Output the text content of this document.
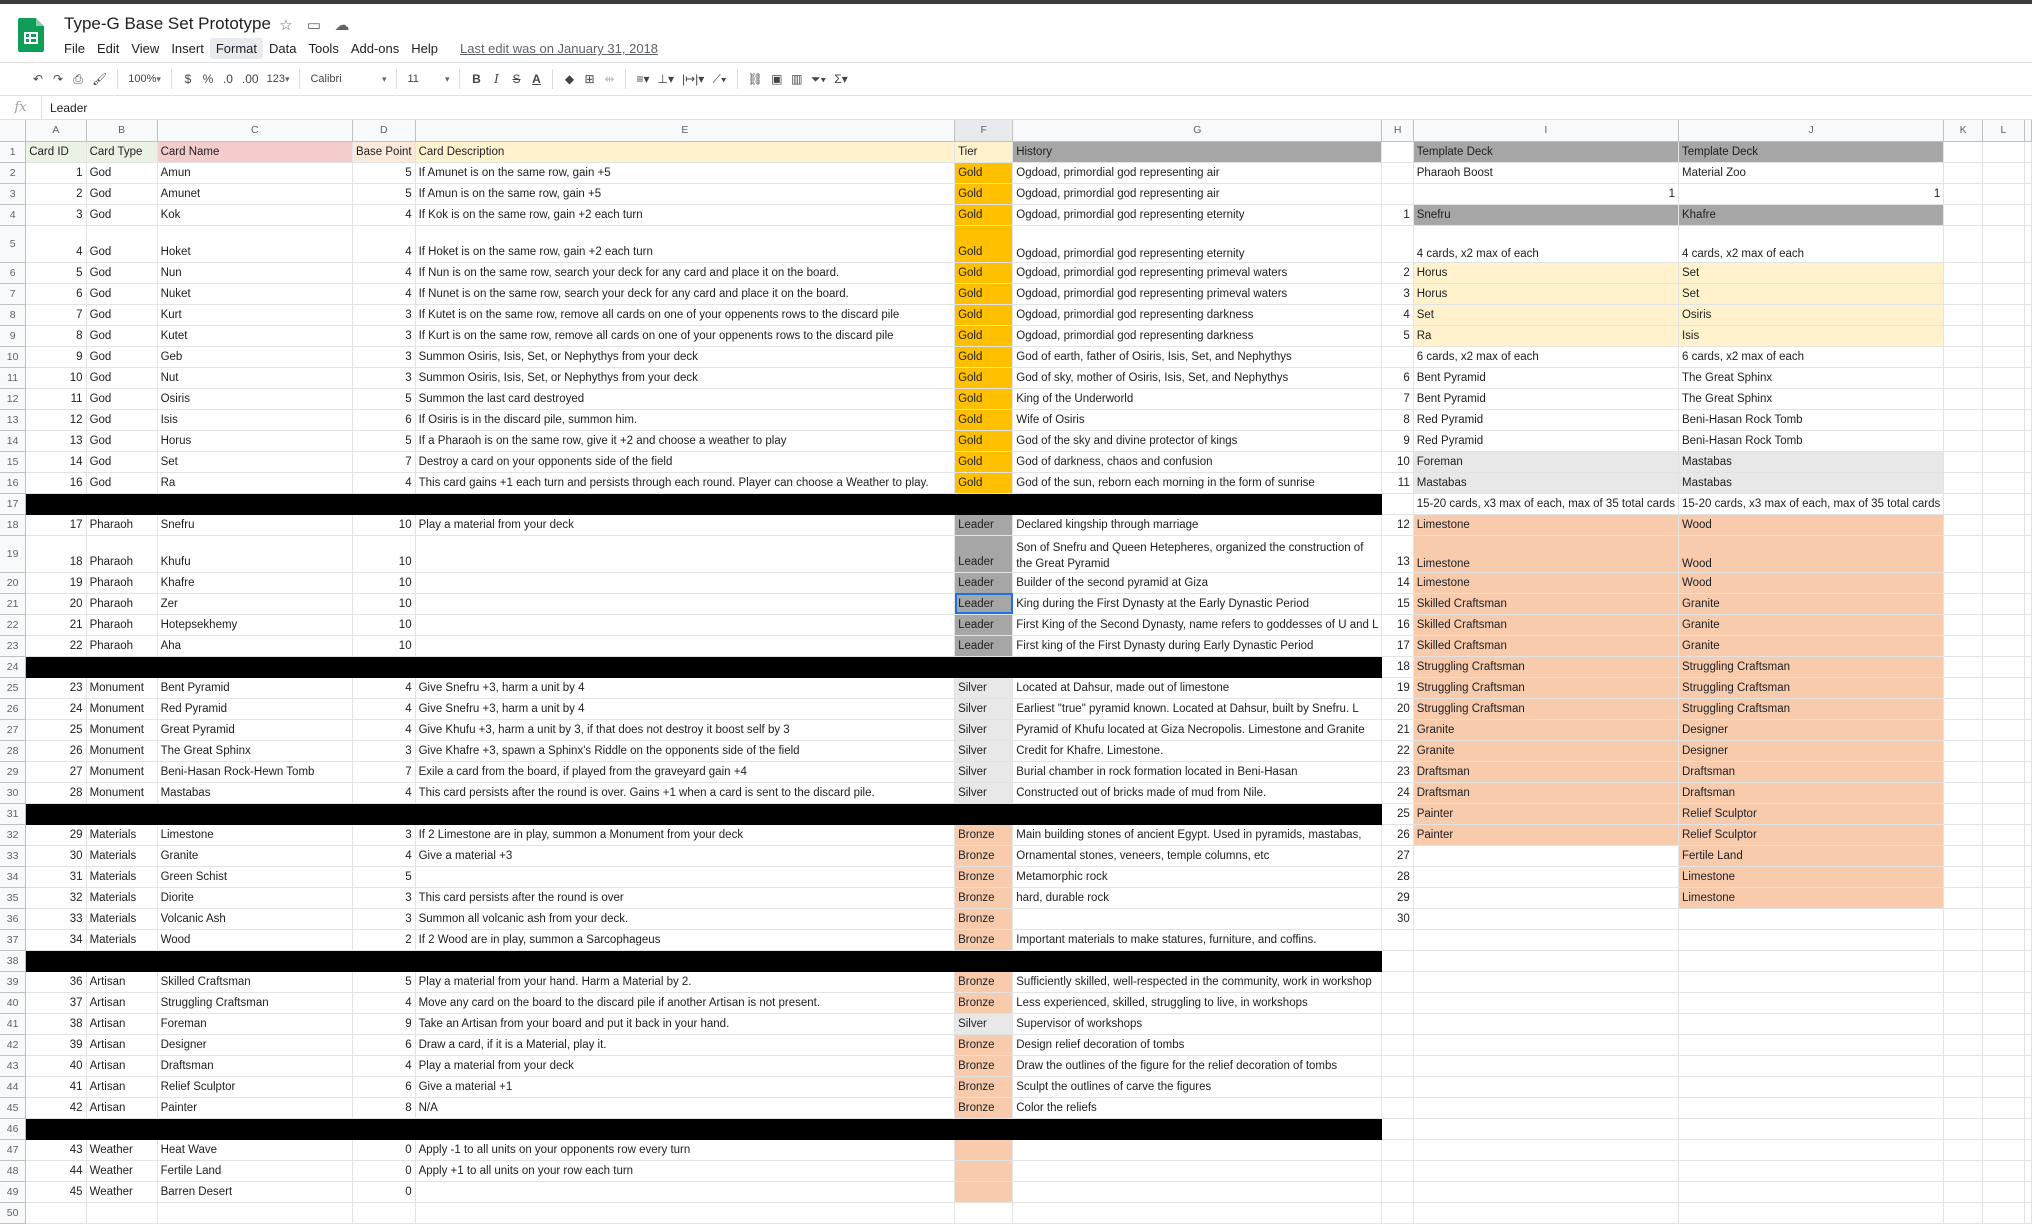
Type-G Base Set Prototype ☆ ▭ ☁
File Edit View Insert Format Data Tools Add-ons Help	Last edit was on January 31, 2018
↶ ↷ ⎙ 🖌	100% ▾	$ % .0 .00 123 ▾	Calibri ▾	11 ▾	B	I	S A	◆ ⊞ ⇹	≡▾ ⊥▾ |↦|▾ ⟋▾	⛓ ▣ ▥ ⏷▾ Σ▾
fx	Leader
	A	B	C	D	E	F	G	H	I	J	K	L	
1	Card ID	Card Type	Card Name	Base Point	Card Description	Tier	History		Template Deck	Template Deck			
2	1	God	Amun	5	If Amunet is on the same row, gain +5	Gold	Ogdoad, primordial god representing air		Pharaoh Boost	Material Zoo			
3	2	God	Amunet	5	If Amun is on the same row, gain +5	Gold	Ogdoad, primordial god representing air		1	1			
4	3	God	Kok	4	If Kok is on the same row, gain +2 each turn	Gold	Ogdoad, primordial god representing eternity	1	Snefru	Khafre			
5	4	God	Hoket	4	If Hoket is on the same row, gain +2 each turn	Gold	Ogdoad, primordial god representing eternity		4 cards, x2 max of each	4 cards, x2 max of each			
6	5	God	Nun	4	If Nun is on the same row, search your deck for any card and place it on the board.	Gold	Ogdoad, primordial god representing primeval waters	2	Horus	Set			
7	6	God	Nuket	4	If Nunet is on the same row, search your deck for any card and place it on the board.	Gold	Ogdoad, primordial god representing primeval waters	3	Horus	Set			
8	7	God	Kurt	3	If Kutet is on the same row, remove all cards on one of your oppenents rows to the discard pile	Gold	Ogdoad, primordial god representing darkness	4	Set	Osiris			
9	8	God	Kutet	3	If Kurt is on the same row, remove all cards on one of your oppenents rows to the discard pile	Gold	Ogdoad, primordial god representing darkness	5	Ra	Isis			
10	9	God	Geb	3	Summon Osiris, Isis, Set, or Nephythys from your deck	Gold	God of earth, father of Osiris, Isis, Set, and Nephythys		6 cards, x2 max of each	6 cards, x2 max of each			
11	10	God	Nut	3	Summon Osiris, Isis, Set, or Nephythys from your deck	Gold	God of sky, mother of Osiris, Isis, Set, and Nephythys	6	Bent Pyramid	The Great Sphinx			
12	11	God	Osiris	5	Summon the last card destroyed	Gold	King of the Underworld	7	Bent Pyramid	The Great Sphinx			
13	12	God	Isis	6	If Osiris is in the discard pile, summon him.	Gold	Wife of Osiris	8	Red Pyramid	Beni-Hasan Rock Tomb			
14	13	God	Horus	5	If a Pharaoh is on the same row, give it +2 and choose a weather to play	Gold	God of the sky and divine protector of kings	9	Red Pyramid	Beni-Hasan Rock Tomb			
15	14	God	Set	7	Destroy a card on your opponents side of the field	Gold	God of darkness, chaos and confusion	10	Foreman	Mastabas			
16	16	God	Ra	4	This card gains +1 each turn and persists through each round. Player can choose a Weather to play.	Gold	God of the sun, reborn each morning in the form of sunrise	11	Mastabas	Mastabas			
17									15-20 cards, x3 max of each, max of 35 total cards	15-20 cards, x3 max of each, max of 35 total cards			
18	17	Pharaoh	Snefru	10	Play a material from your deck	Leader	Declared kingship through marriage	12	Limestone	Wood			
19	18	Pharaoh	Khufu	10		Leader	Son of Snefru and Queen Hetepheres, organized the construction of the Great Pyramid	13	Limestone	Wood			
20	19	Pharaoh	Khafre	10		Leader	Builder of the second pyramid at Giza	14	Limestone	Wood			
21	20	Pharaoh	Zer	10		Leader	King during the First Dynasty at the Early Dynastic Period	15	Skilled Craftsman	Granite			
22	21	Pharaoh	Hotepsekhemy	10		Leader	First King of the Second Dynasty, name refers to goddesses of U and L	16	Skilled Craftsman	Granite			
23	22	Pharaoh	Aha	10		Leader	First king of the First Dynasty during Early Dynastic Period	17	Skilled Craftsman	Granite			
24								18	Struggling Craftsman	Struggling Craftsman			
25	23	Monument	Bent Pyramid	4	Give Snefru +3, harm a unit by 4	Silver	Located at Dahsur, made out of limestone	19	Struggling Craftsman	Struggling Craftsman			
26	24	Monument	Red Pyramid	4	Give Snefru +3, harm a unit by 4	Silver	Earliest "true" pyramid known. Located at Dahsur, built by Snefru. L	20	Struggling Craftsman	Struggling Craftsman			
27	25	Monument	Great Pyramid	4	Give Khufu +3, harm a unit by 3, if that does not destroy it boost self by 3	Silver	Pyramid of Khufu located at Giza Necropolis. Limestone and Granite	21	Granite	Designer			
28	26	Monument	The Great Sphinx	3	Give Khafre +3, spawn a Sphinx's Riddle on the opponents side of the field	Silver	Credit for Khafre. Limestone.	22	Granite	Designer			
29	27	Monument	Beni-Hasan Rock-Hewn Tomb	7	Exile a card from the board, if played from the graveyard gain +4	Silver	Burial chamber in rock formation located in Beni-Hasan	23	Draftsman	Draftsman			
30	28	Monument	Mastabas	4	This card persists after the round is over. Gains +1 when a card is sent to the discard pile.	Silver	Constructed out of bricks made of mud from Nile.	24	Draftsman	Draftsman			
31								25	Painter	Relief Sculptor			
32	29	Materials	Limestone	3	If 2 Limestone are in play, summon a Monument from your deck	Bronze	Main building stones of ancient Egypt. Used in pyramids, mastabas,	26	Painter	Relief Sculptor			
33	30	Materials	Granite	4	Give a material +3	Bronze	Ornamental stones, veneers, temple columns, etc	27		Fertile Land			
34	31	Materials	Green Schist	5		Bronze	Metamorphic rock	28		Limestone			
35	32	Materials	Diorite	3	This card persists after the round is over	Bronze	hard, durable rock	29		Limestone			
36	33	Materials	Volcanic Ash	3	Summon all volcanic ash from your deck.	Bronze		30					
37	34	Materials	Wood	2	If 2 Wood are in play, summon a Sarcophageus	Bronze	Important materials to make statures, furniture, and coffins.						
38													
39	36	Artisan	Skilled Craftsman	5	Play a material from your hand. Harm a Material by 2.	Bronze	Sufficiently skilled, well-respected in the community, work in workshop						
40	37	Artisan	Struggling Craftsman	4	Move any card on the board to the discard pile if another Artisan is not present.	Bronze	Less experienced, skilled, struggling to live, in workshops						
41	38	Artisan	Foreman	9	Take an Artisan from your board and put it back in your hand.	Silver	Supervisor of workshops						
42	39	Artisan	Designer	6	Draw a card, if it is a Material, play it.	Bronze	Design relief decoration of tombs						
43	40	Artisan	Draftsman	4	Play a material from your deck	Bronze	Draw the outlines of the figure for the relief decoration of tombs						
44	41	Artisan	Relief Sculptor	6	Give a material +1	Bronze	Sculpt the outlines of carve the figures						
45	42	Artisan	Painter	8	N/A	Bronze	Color the reliefs						
46													
47	43	Weather	Heat Wave	0	Apply -1 to all units on your opponents row every turn								
48	44	Weather	Fertile Land	0	Apply +1 to all units on your row each turn								
49	45	Weather	Barren Desert	0									
50													
